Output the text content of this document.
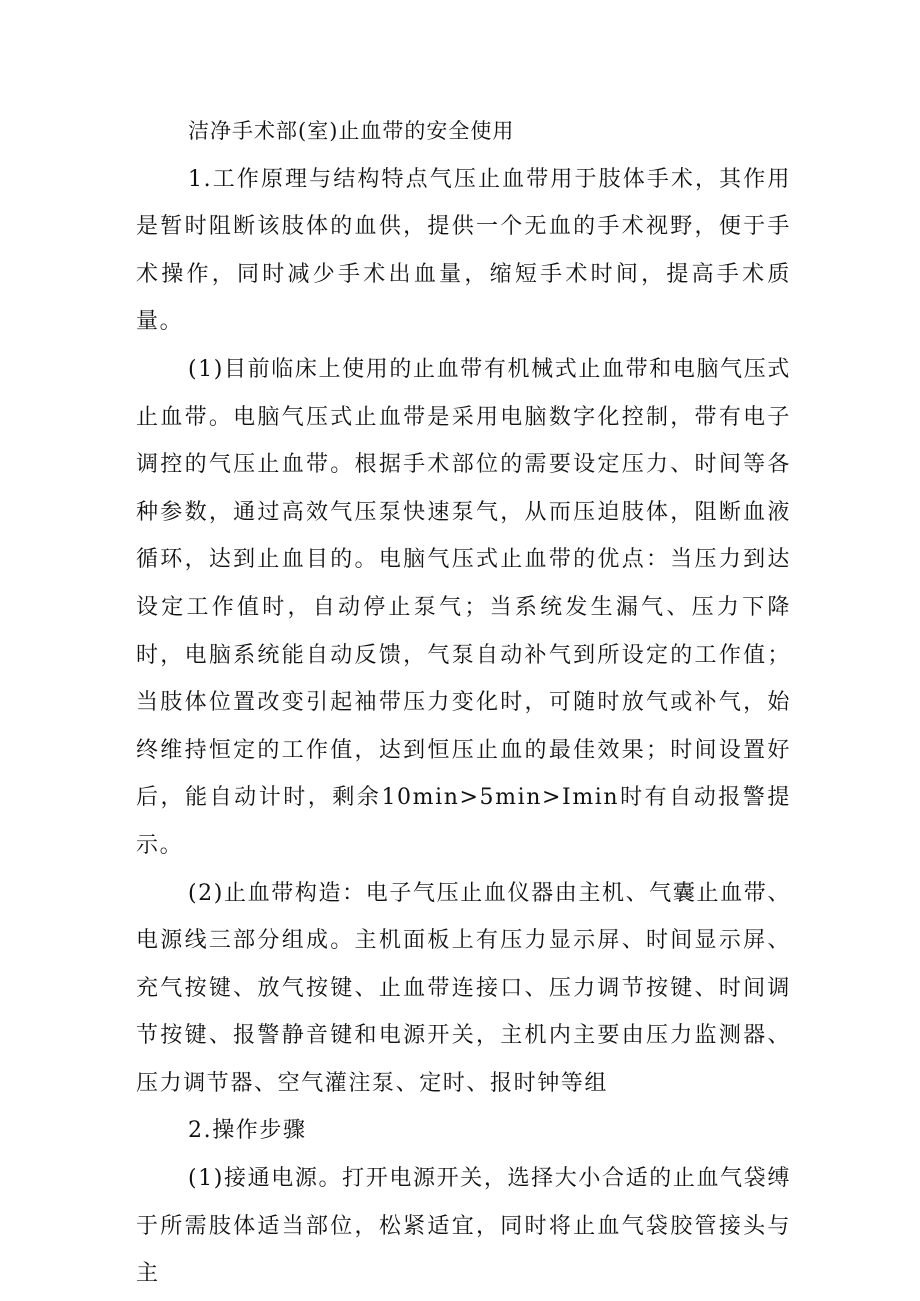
洁净手术部(室)止血带的安全使用

1.工作原理与结构特点气压止血带用于肢体手术，其作用是暂时阻断该肢体的血供，提供一个无血的手术视野，便于手术操作，同时减少手术出血量，缩短手术时间，提高手术质量。

(1)目前临床上使用的止血带有机械式止血带和电脑气压式止血带。电脑气压式止血带是采用电脑数字化控制，带有电子调控的气压止血带。根据手术部位的需要设定压力、时间等各种参数，通过高效气压泵快速泵气，从而压迫肢体，阻断血液循环，达到止血目的。电脑气压式止血带的优点：当压力到达设定工作值时，自动停止泵气；当系统发生漏气、压力下降时，电脑系统能自动反馈，气泵自动补气到所设定的工作值；当肢体位置改变引起袖带压力变化时，可随时放气或补气，始终维持恒定的工作值，达到恒压止血的最佳效果；时间设置好后，能自动计时，剩余10min>5min>Imin时有自动报警提示。

(2)止血带构造：电子气压止血仪器由主机、气囊止血带、电源线三部分组成。主机面板上有压力显示屏、时间显示屏、充气按键、放气按键、止血带连接口、压力调节按键、时间调节按键、报警静音键和电源开关，主机内主要由压力监测器、压力调节器、空气灌注泵、定时、报时钟等组

2.操作步骤

(1)接通电源。打开电源开关，选择大小合适的止血气袋缚于所需肢体适当部位，松紧适宜，同时将止血气袋胶管接头与主
